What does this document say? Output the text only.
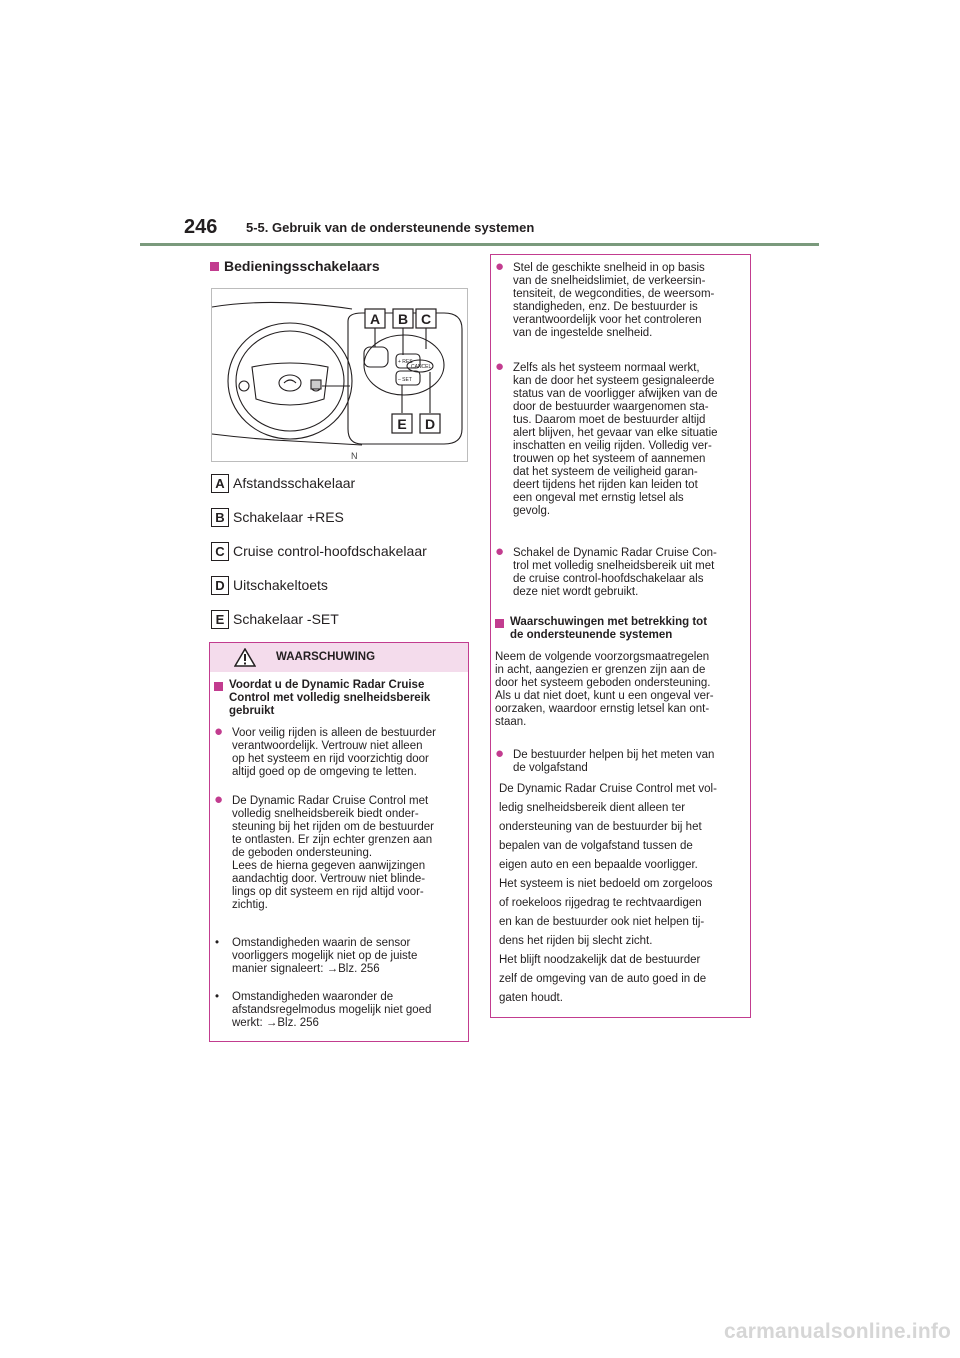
246 5-5. Gebruik van de ondersteunende systemen
Bedieningsschakelaars
A B C
D
E
+ RES
CANCEL
– SET
N
A Afstandsschakelaar
B Schakelaar +RES
C Cruise control-hoofdschakelaar
D Uitschakeltoets
E Schakelaar -SET
WAARSCHUWING
Voordat u de Dynamic Radar Cruise
Control met volledig snelheidsbereik
gebruikt
● Voor veilig rijden is alleen de bestuurder
verantwoordelijk. Vertrouw niet alleen
op het systeem en rijd voorzichtig door
altijd goed op de omgeving te letten.
● De Dynamic Radar Cruise Control met
volledig snelheidsbereik biedt onder-
steuning bij het rijden om de bestuurder
te ontlasten. Er zijn echter grenzen aan
de geboden ondersteuning.
Lees de hierna gegeven aanwijzingen
aandachtig door. Vertrouw niet blinde-
lings op dit systeem en rijd altijd voor-
zichtig.
• Omstandigheden waarin de sensor
voorliggers mogelijk niet op de juiste
manier signaleert: →Blz. 256
• Omstandigheden waaronder de
afstandsregelmodus mogelijk niet goed
werkt: →Blz. 256
● Stel de geschikte snelheid in op basis
van de snelheidslimiet, de verkeersin-
tensiteit, de wegcondities, de weersom-
standigheden, enz. De bestuurder is
verantwoordelijk voor het controleren
van de ingestelde snelheid.
● Zelfs als het systeem normaal werkt,
kan de door het systeem gesignaleerde
status van de voorligger afwijken van de
door de bestuurder waargenomen sta-
tus. Daarom moet de bestuurder altijd
alert blijven, het gevaar van elke situatie
inschatten en veilig rijden. Volledig ver-
trouwen op het systeem of aannemen
dat het systeem de veiligheid garan-
deert tijdens het rijden kan leiden tot
een ongeval met ernstig letsel als
gevolg.
● Schakel de Dynamic Radar Cruise Con-
trol met volledig snelheidsbereik uit met
de cruise control-hoofdschakelaar als
deze niet wordt gebruikt.
Waarschuwingen met betrekking tot
de ondersteunende systemen
Neem de volgende voorzorgsmaatregelen
in acht, aangezien er grenzen zijn aan de
door het systeem geboden ondersteuning.
Als u dat niet doet, kunt u een ongeval ver-
oorzaken, waardoor ernstig letsel kan ont-
staan.
● De bestuurder helpen bij het meten van
de volgafstand
De Dynamic Radar Cruise Control met vol-
ledig snelheidsbereik dient alleen ter
ondersteuning van de bestuurder bij het
bepalen van de volgafstand tussen de
eigen auto en een bepaalde voorligger.
Het systeem is niet bedoeld om zorgeloos
of roekeloos rijgedrag te rechtvaardigen
en kan de bestuurder ook niet helpen tij-
dens het rijden bij slecht zicht.
Het blijft noodzakelijk dat de bestuurder
zelf de omgeving van de auto goed in de
gaten houdt.
carmanualsonline.info
